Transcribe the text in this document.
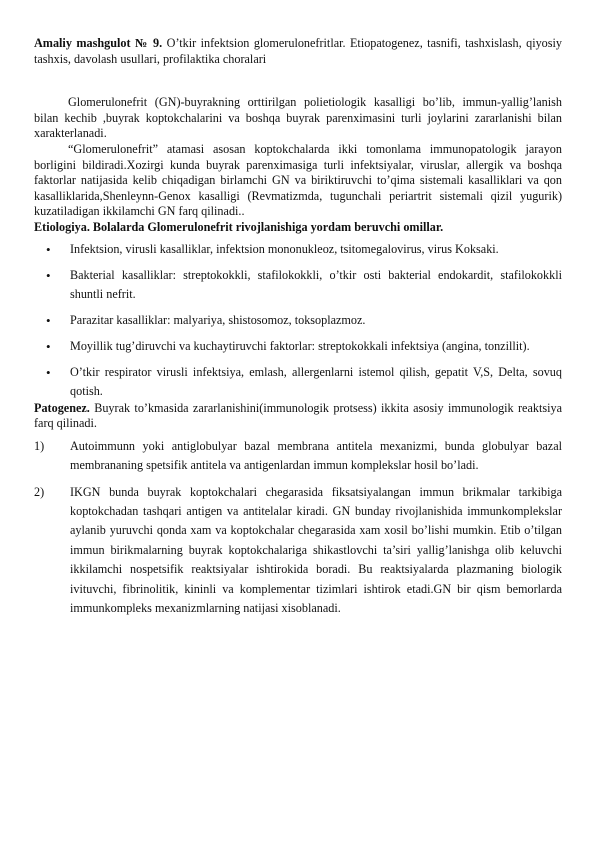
Amaliy mashgulot № 9. O’tkir infektsion glomerulonefritlar. Etiopatogenez, tasnifi, tashxislash, qiyosiy tashxis, davolash usullari, profilaktika choralari

Glomerulonefrit (GN)-buyrakning orttirilgan polietiologik kasalligi bo’lib, immun-yallig’lanish bilan kechib ,buyrak koptokchalarini va boshqa buyrak parenximasini turli joylarini zararlanishi bilan xarakterlanadi.

“Glomerulonefrit” atamasi asosan koptokchalarda ikki tomonlama immunopatologik jarayon borligini bildiradi.Xozirgi kunda buyrak parenximasiga turli infektsiyalar, viruslar, allergik va boshqa faktorlar natijasida kelib chiqadigan birlamchi GN va biriktiruvchi to’qima sistemali kasalliklari va qon kasalliklarida,Shenleynn-Genox kasalligi (Revmatizmda, tugunchali periartrit sistemali qizil yugurik) kuzatiladigan ikkilamchi GN farq qilinadi..

Etiologiya. Bolalarda Glomerulonefrit rivojlanishiga yordam beruvchi omillar.

• Infektsion, virusli kasalliklar, infektsion mononukleoz, tsitomegalovirus, virus Koksaki.
• Bakterial kasalliklar: streptokokkli, stafilokokkli, o’tkir osti bakterial endokardit, stafilokokkli shuntli nefrit.
• Parazitar kasalliklar: malyariya, shistosomoz, toksoplazmoz.
• Moyillik tug’diruvchi va kuchaytiruvchi faktorlar: streptokokkali infektsiya (angina, tonzillit).
• O’tkir respirator virusli infektsiya, emlash, allergenlarni istemol qilish, gepatit V,S, Delta, sovuq qotish.

Patogenez. Buyrak to’kmasida zararlanishini(immunologik protsess) ikkita asosiy immunologik reaktsiya farq qilinadi.

1) Autoimmunn yoki antiglobulyar bazal membrana antitela mexanizmi, bunda globulyar bazal membrananing spetsifik antitela va antigenlardan immun komplekslar hosil bo’ladi.
2) IKGN bunda buyrak koptokchalari chegarasida fiksatsiyalangan immun brikmalar tarkibiga koptokchadan tashqari antigen va antitelalar kiradi. GN bunday rivojlanishida immunkomplekslar aylanib yuruvchi qonda xam va koptokchalar chegarasida xam xosil bo’lishi mumkin. Etib o’tilgan immun birikmalarning buyrak koptokchalariga shikastlovchi ta’siri yallig’lanishga olib keluvchi ikkilamchi nospetsifik reaktsiyalar ishtirokida boradi. Bu reaktsiyalarda plazmaning biologik ivituvchi, fibrinolitik, kininli va komplementar tizimlari ishtirok etadi.GN bir qism bemorlarda immunkompleks mexanizmlarning natijasi xisoblanadi.
